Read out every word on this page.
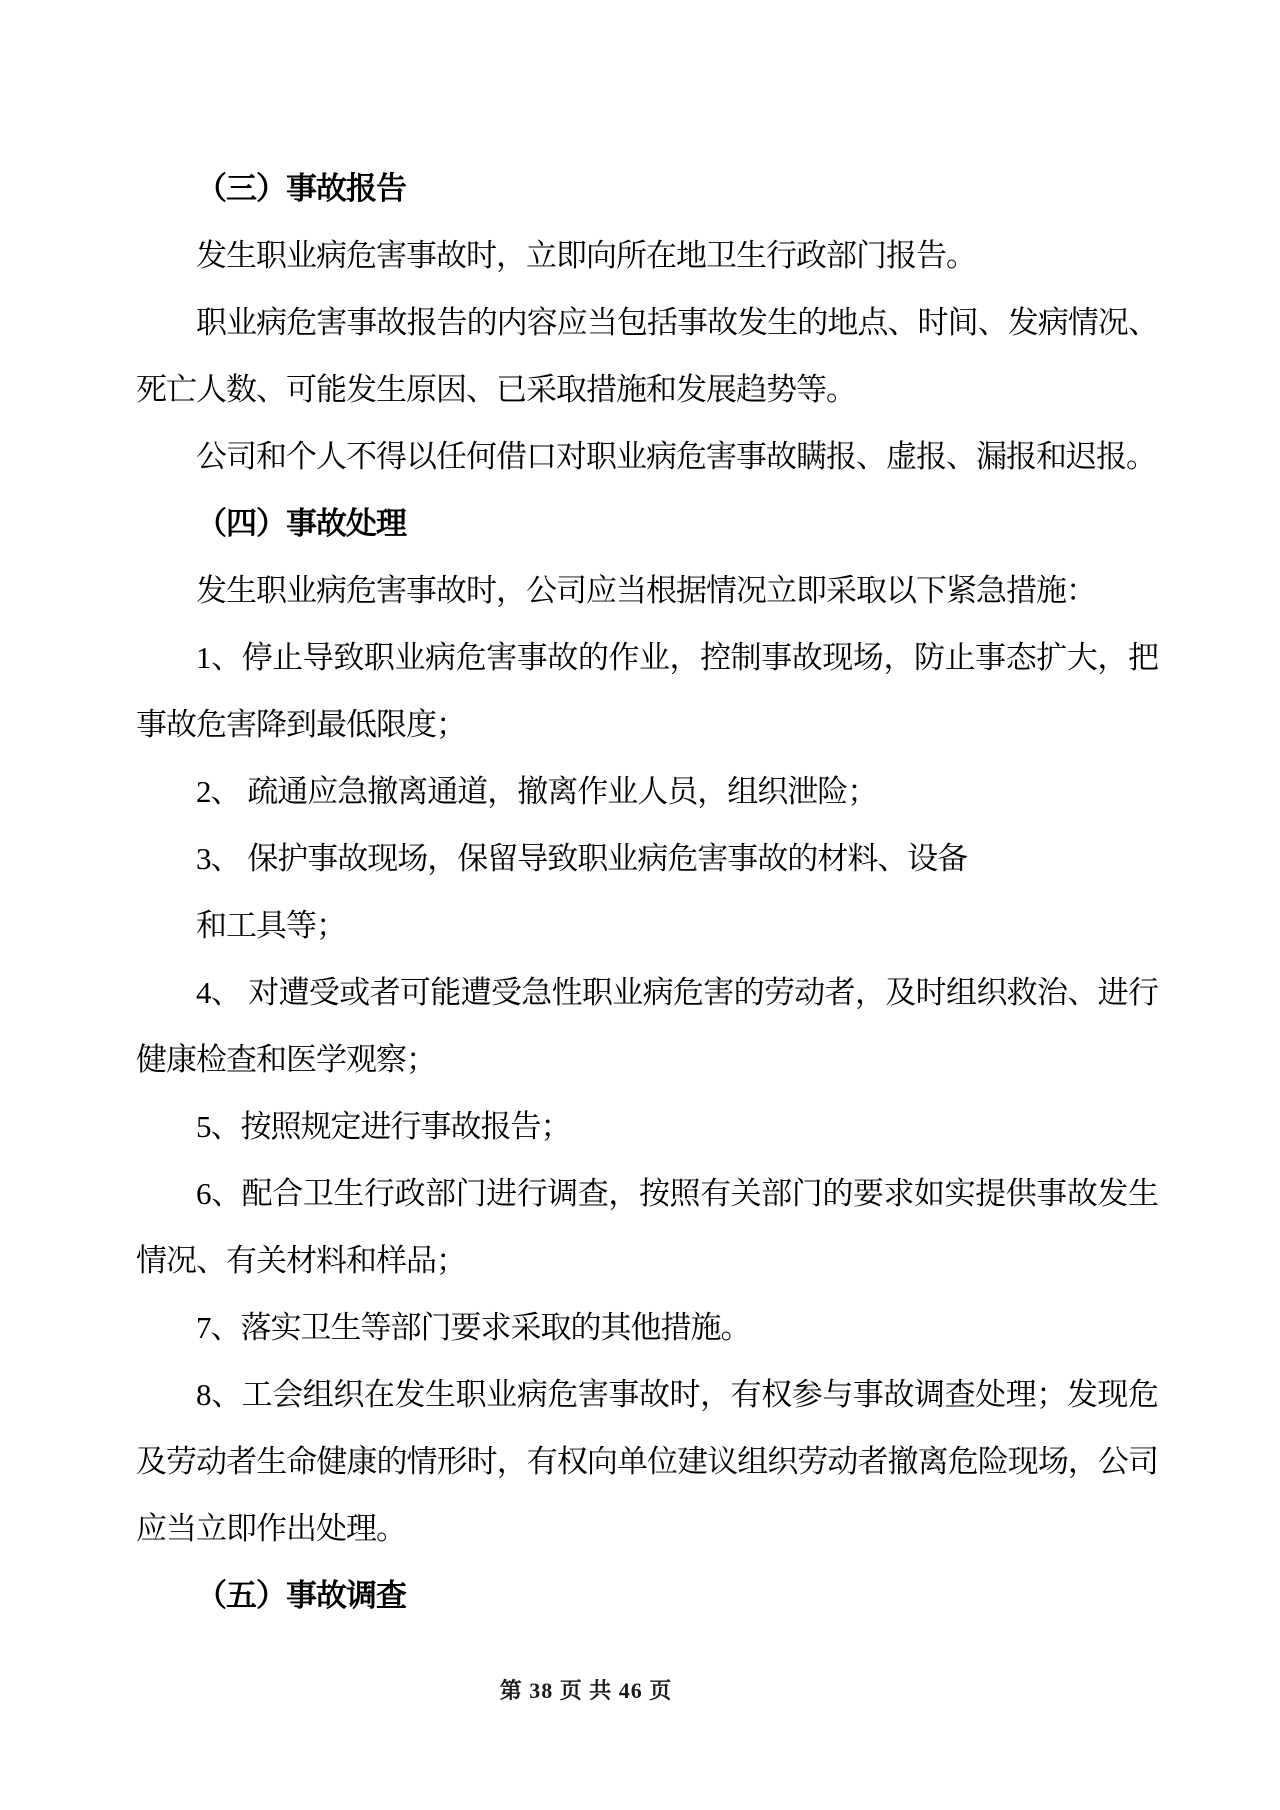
（三）事故报告
发生职业病危害事故时，立即向所在地卫生行政部门报告。
职业病危害事故报告的内容应当包括事故发生的地点、时间、发病情况、
死亡人数、可能发生原因、已采取措施和发展趋势等。
公司和个人不得以任何借口对职业病危害事故瞒报、虚报、漏报和迟报。
（四）事故处理
发生职业病危害事故时，公司应当根据情况立即采取以下紧急措施：
1、停止导致职业病危害事故的作业，控制事故现场，防止事态扩大，把
事故危害降到最低限度；
2、 疏通应急撤离通道，撤离作业人员，组织泄险；
3、 保护事故现场，保留导致职业病危害事故的材料、设备
和工具等；
4、 对遭受或者可能遭受急性职业病危害的劳动者，及时组织救治、进行
健康检查和医学观察；
5、按照规定进行事故报告；
6、配合卫生行政部门进行调查，按照有关部门的要求如实提供事故发生
情况、有关材料和样品；
7、落实卫生等部门要求采取的其他措施。
8、工会组织在发生职业病危害事故时，有权参与事故调查处理；发现危
及劳动者生命健康的情形时，有权向单位建议组织劳动者撤离危险现场，公司
应当立即作出处理。
（五）事故调查
第 38 页 共 46 页
